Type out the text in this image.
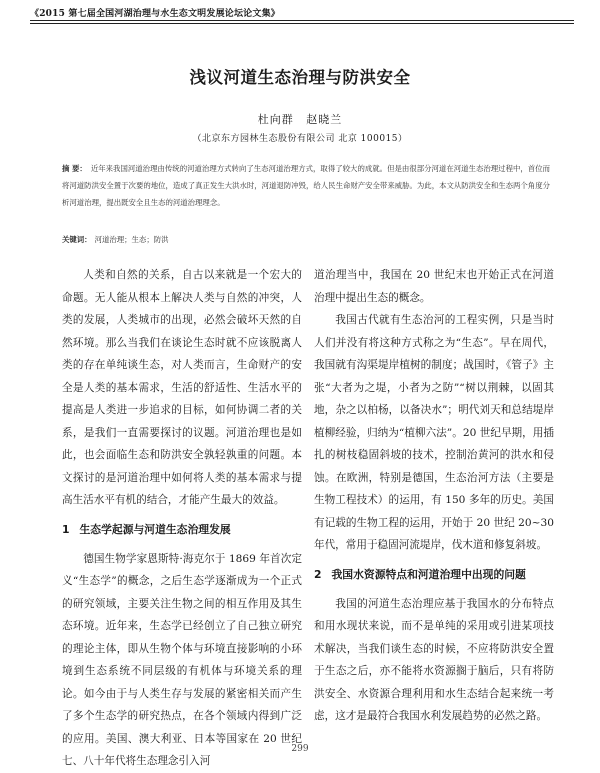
《2015 第七届全国河湖治理与水生态文明发展论坛论文集》
浅议河道生态治理与防洪安全
杜向群 赵晓兰
（北京东方园林生态股份有限公司 北京 100015）
摘 要： 近年来我国河道治理由传统的河道治理方式转向了生态河道治理方式，取得了较大的成就。但是由很部分河道在河道生态治理过程中，首位而将河道防洪安全置于次要的地位，造成了真正发生大洪水时，河道退防冲毁，给人民生命财产安全带来威胁。为此，本文从防洪安全和生态两个角度分析河道治理，提出既安全且生态的河道治理理念。
关键词： 河道治理；生态；防洪

人类和自然的关系，自古以来就是一个宏大的命题。无人能从根本上解决人类与自然的冲突，人类的发展，人类城市的出现，必然会破坏天然的自然环境。那么当我们在谈论生态时就不应该脱离人类的存在单纯谈生态，对人类而言，生命财产的安全是人类的基本需求，生活的舒适性、生活水平的提高是人类进一步追求的目标，如何协调二者的关系，是我们一直需要探讨的议题。河道治理也是如此，也会面临生态和防洪安全孰轻孰重的问题。本文探讨的是河道治理中如何将人类的基本需求与提高生活水平有机的结合，才能产生最大的效益。

1 生态学起源与河道生态治理发展

德国生物学家恩斯特·海克尔于 1869 年首次定义“生态学”的概念，之后生态学逐渐成为一个正式的研究领域，主要关注生物之间的相互作用及其生态环境。近年来，生态学已经创立了自己独立研究的理论主体，即从生物个体与环境直接影响的小环境到生态系统不同层级的有机体与环境关系的理论。如今由于与人类生存与发展的紧密相关而产生了多个生态学的研究热点，在各个领域内得到广泛的应用。美国、澳大利亚、日本等国家在 20 世纪七、八十年代将生态理念引入河

道治理当中，我国在 20 世纪末也开始正式在河道治理中提出生态的概念。

我国古代就有生态治河的工程实例，只是当时人们并没有将这种方式称之为“生态”。早在周代，我国就有沟渠堤岸植树的制度；战国时，《管子》主张“大者为之堤，小者为之防”“树以荆棘，以固其地，杂之以柏杨，以备决水”；明代刘天和总结堤岸植柳经验，归纳为“植柳六法”。20 世纪早期，用插扎的树枝稳固斜坡的技术，控制治黄河的洪水和侵蚀。在欧洲，特别是德国，生态治河方法（主要是生物工程技术）的运用，有 150 多年的历史。美国有记载的生物工程的运用，开始于 20 世纪 20~30 年代，常用于稳固河流堤岸，伐木道和修复斜坡。

2 我国水资源特点和河道治理中出现的问题

我国的河道生态治理应基于我国水的分布特点和用水现状来说，而不是单纯的采用或引进某项技术解决，当我们谈生态的时候，不应将防洪安全置于生态之后，亦不能将水资源搁于脑后，只有将防洪安全、水资源合理利用和水生态结合起来统一考虑，这才是最符合我国水利发展趋势的必然之路。

299
